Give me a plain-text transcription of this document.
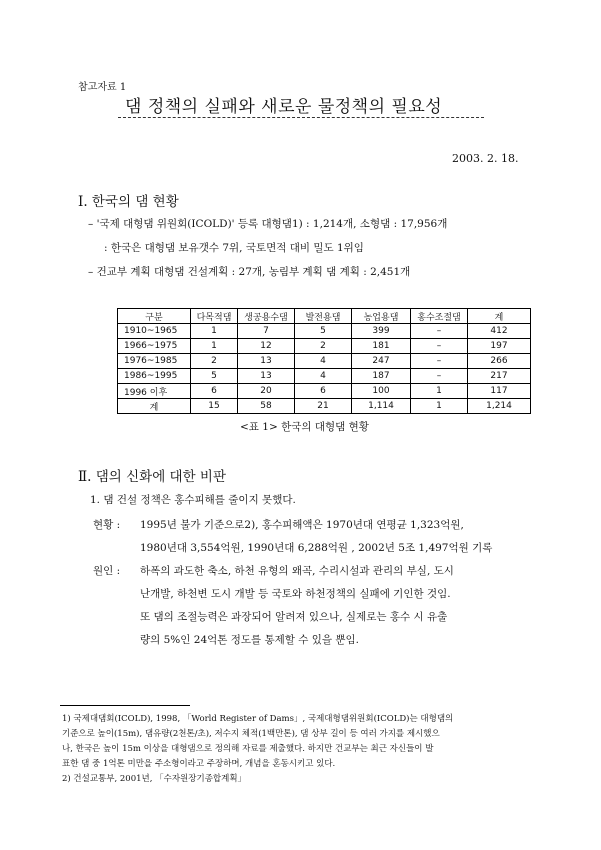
참고자료 1
댐 정책의 실패와 새로운 물정책의 필요성
2003. 2. 18.
Ⅰ. 한국의 댐 현황
– '국제 대형댐 위원회(ICOLD)' 등록 대형댐1) : 1,214개, 소형댐 : 17,956개
: 한국은 대형댐 보유갯수 7위, 국토면적 대비 밀도 1위임
– 건교부 계획 대형댐 건설계획 : 27개, 농림부 계획 댐 계획 : 2,451개
구분	다목적댐	생공용수댐	발전용댐	농업용댐	홍수조절댐	계
1910~1965	1	7	5	399	–	412
1966~1975	1	12	2	181	–	197
1976~1985	2	13	4	247	–	266
1986~1995	5	13	4	187	–	217
1996 이후	6	20	6	100	1	117
계	15	58	21	1,114	1	1,214
<표 1> 한국의 대형댐 현황
Ⅱ. 댐의 신화에 대한 비판
1. 댐 건설 정책은 홍수피해를 줄이지 못했다.
현황 : 1995년 불가 기준으로2), 홍수피해액은 1970년대 연평균 1,323억원,
1980년대 3,554억원, 1990년대 6,288억원 , 2002년 5조 1,497억원 기록
원인 : 하폭의 과도한 축소, 하천 유형의 왜곡, 수리시설과 관리의 부실, 도시
난개발, 하천변 도시 개발 등 국토와 하천정책의 실패에 기인한 것임.
또 댐의 조절능력은 과장되어 알려져 있으나, 실제로는 홍수 시 유출
량의 5%인 24억톤 정도를 통제할 수 있을 뿐임.
1) 국제대댐회(ICOLD), 1998, 「World Register of Dams」, 국제대형댐위원회(ICOLD)는 대형댐의
기준으로 높이(15m), 댐유량(2천톤/초), 저수지 체적(1백만톤), 댐 상부 길이 등 여러 가지를 제시했으
나, 한국은 높이 15m 이상을 대형댐으로 정의해 자료를 제출했다. 하지만 건교부는 최근 자신들이 발
표한 댐 중 1억톤 미만을 주소형이라고 주장하며, 개념을 혼동시키고 있다.
2) 건설교통부, 2001년, 「수자원장기종합계획」
